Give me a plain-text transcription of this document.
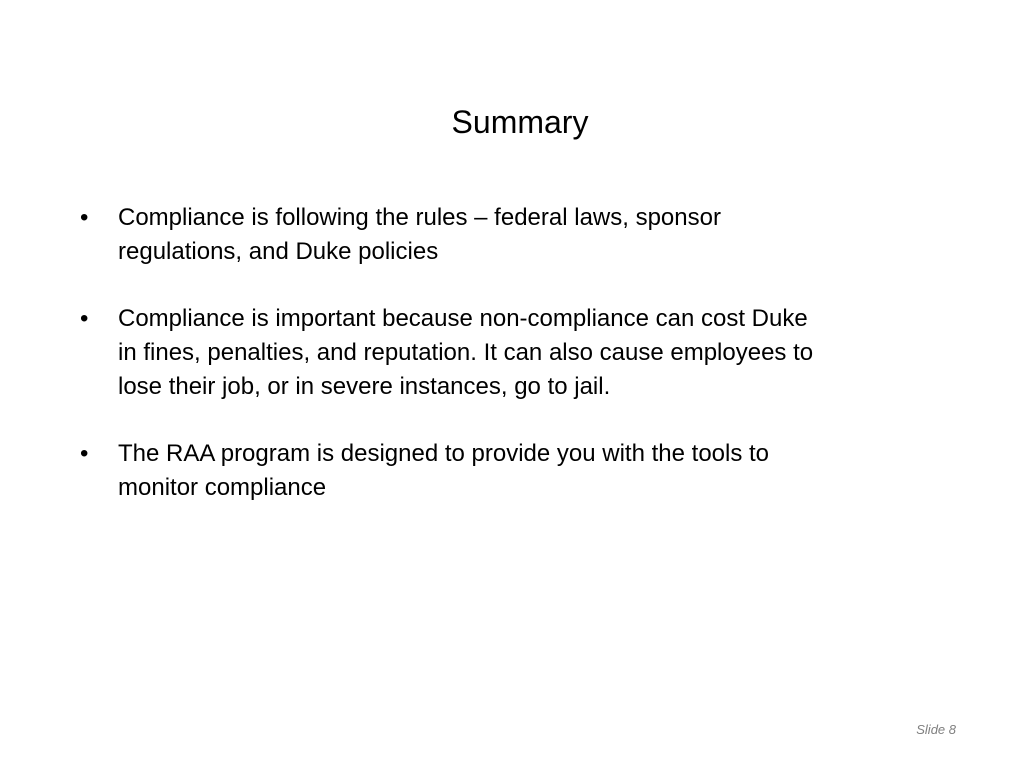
Summary
• Compliance is following the rules – federal laws, sponsor
regulations, and Duke policies
• Compliance is important because non-compliance can cost Duke
in fines, penalties, and reputation. It can also cause employees to
lose their job, or in severe instances, go to jail.
• The RAA program is designed to provide you with the tools to
monitor compliance
Slide 8
